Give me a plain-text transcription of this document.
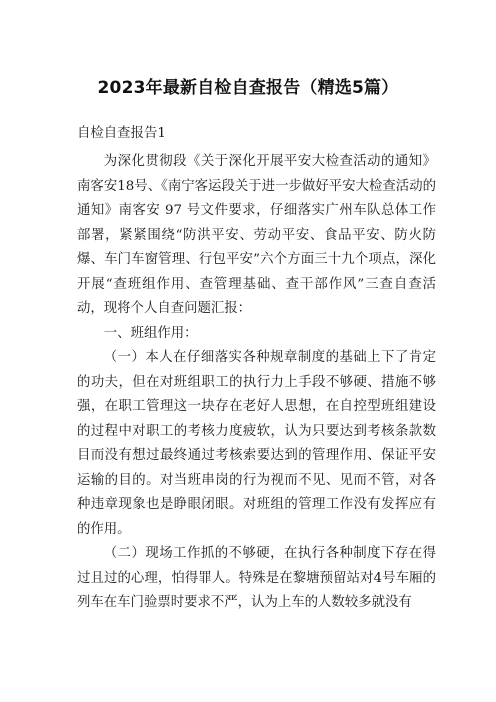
2023年最新自检自查报告（精选5篇）
自检自查报告1

为深化贯彻段《关于深化开展平安大检查活动的通知》南客安18号、《南宁客运段关于进一步做好平安大检查活动的通知》南客安 97 号文件要求，仔细落实广州车队总体工作部署，紧紧围绕“防洪平安、劳动平安、食品平安、防火防爆、车门车窗管理、行包平安”六个方面三十九个项点，深化开展“查班组作用、查管理基础、查干部作风”三查自查活动，现将个人自查问题汇报：

一、班组作用：

（一）本人在仔细落实各种规章制度的基础上下了肯定的功夫，但在对班组职工的执行力上手段不够硬、措施不够强，在职工管理这一块存在老好人思想，在自控型班组建设的过程中对职工的考核力度疲软，认为只要达到考核条款数目而没有想过最终通过考核索要达到的管理作用、保证平安运输的目的。对当班串岗的行为视而不见、见而不管，对各种违章现象也是睁眼闭眼。对班组的管理工作没有发挥应有的作用。

（二）现场工作抓的不够硬，在执行各种制度下存在得过且过的心理，怕得罪人。特殊是在黎塘预留站对4号车厢的列车在车门验票时要求不严，认为上车的人数较多就没有
